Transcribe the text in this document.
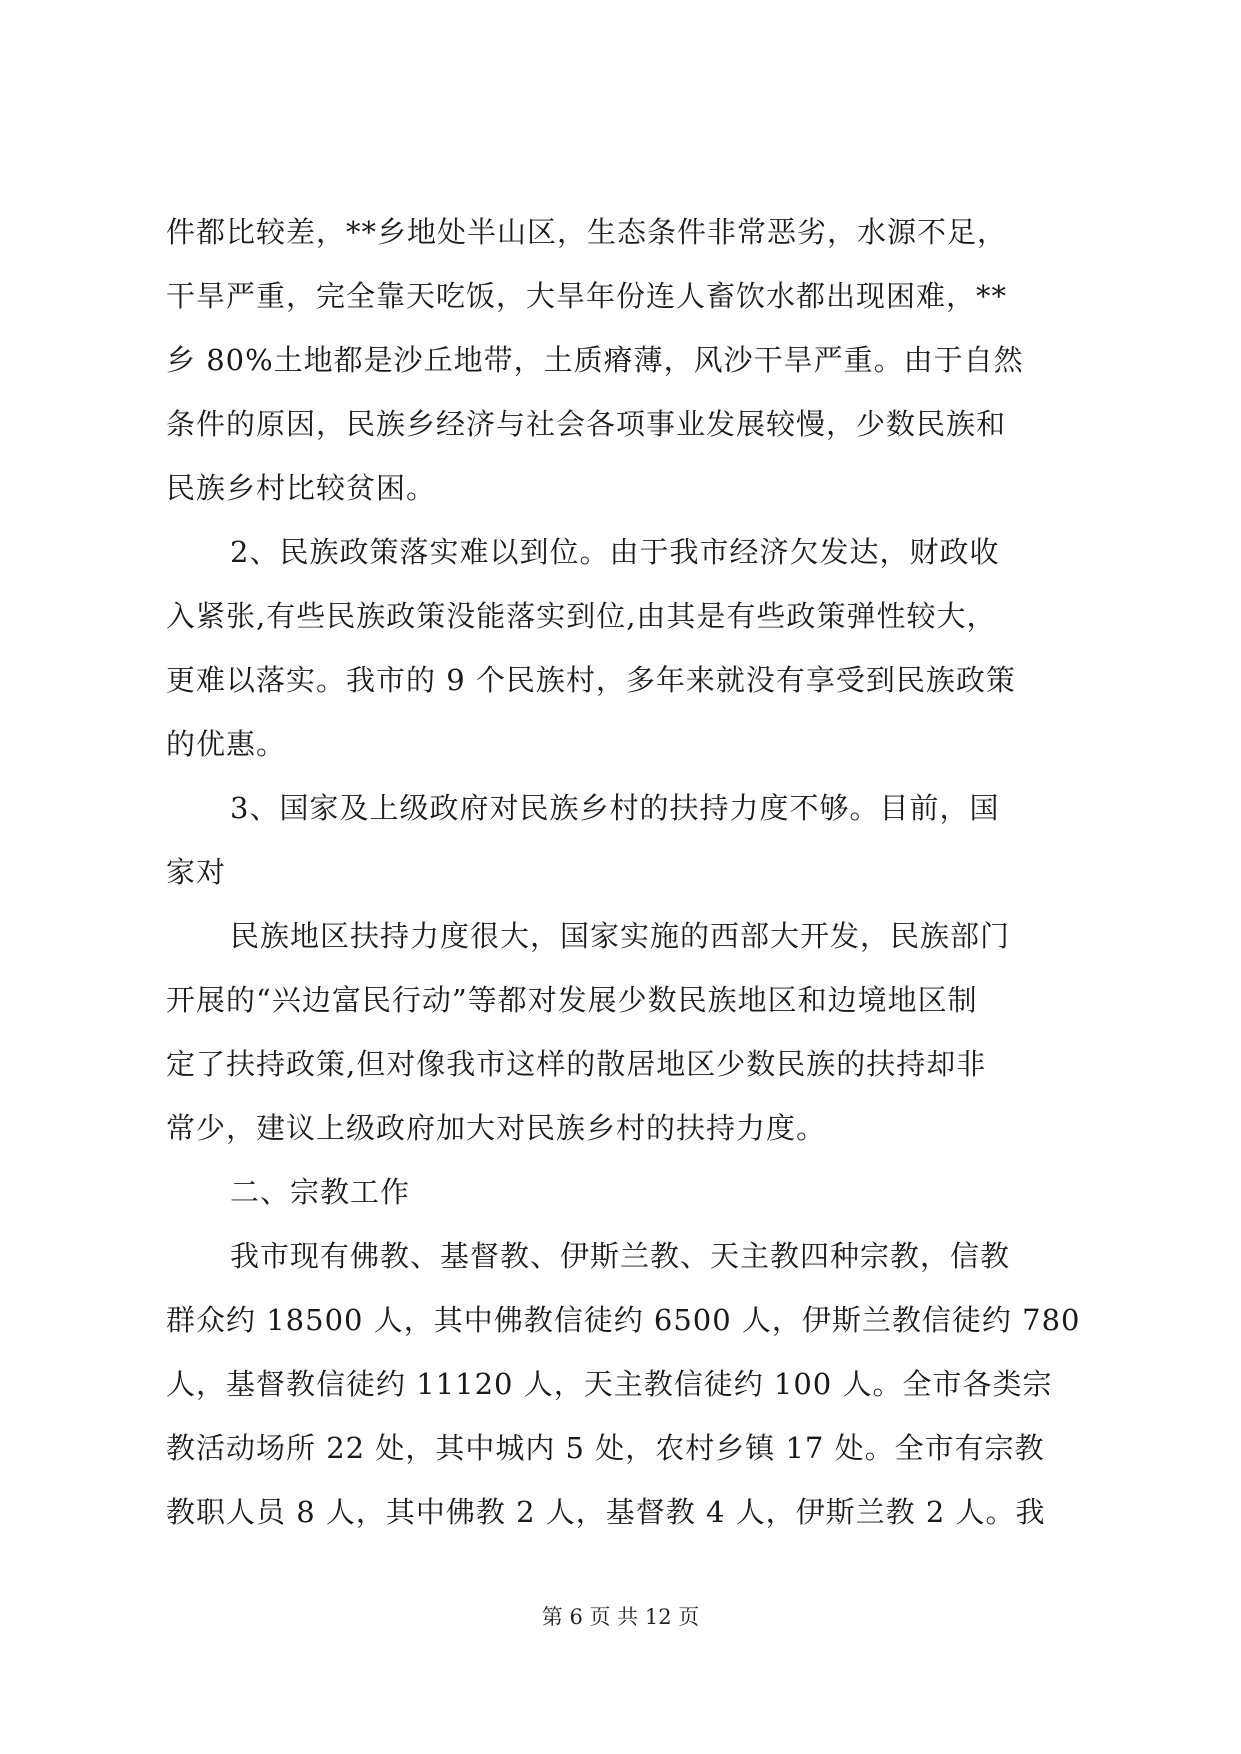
件都比较差，**乡地处半山区，生态条件非常恶劣，水源不足，
干旱严重，完全靠天吃饭，大旱年份连人畜饮水都出现困难，**
乡 80%土地都是沙丘地带，土质瘠薄，风沙干旱严重。由于自然
条件的原因，民族乡经济与社会各项事业发展较慢，少数民族和
民族乡村比较贫困。
2、民族政策落实难以到位。由于我市经济欠发达，财政收
入紧张,有些民族政策没能落实到位,由其是有些政策弹性较大，
更难以落实。我市的 9 个民族村，多年来就没有享受到民族政策
的优惠。
3、国家及上级政府对民族乡村的扶持力度不够。目前，国
家对
民族地区扶持力度很大，国家实施的西部大开发，民族部门
开展的“兴边富民行动”等都对发展少数民族地区和边境地区制
定了扶持政策,但对像我市这样的散居地区少数民族的扶持却非
常少，建议上级政府加大对民族乡村的扶持力度。
二、宗教工作
我市现有佛教、基督教、伊斯兰教、天主教四种宗教，信教
群众约 18500 人，其中佛教信徒约 6500 人，伊斯兰教信徒约 780
人，基督教信徒约 11120 人，天主教信徒约 100 人。全市各类宗
教活动场所 22 处，其中城内 5 处，农村乡镇 17 处。全市有宗教
教职人员 8 人，其中佛教 2 人，基督教 4 人，伊斯兰教 2 人。我
第 6 页 共 12 页
